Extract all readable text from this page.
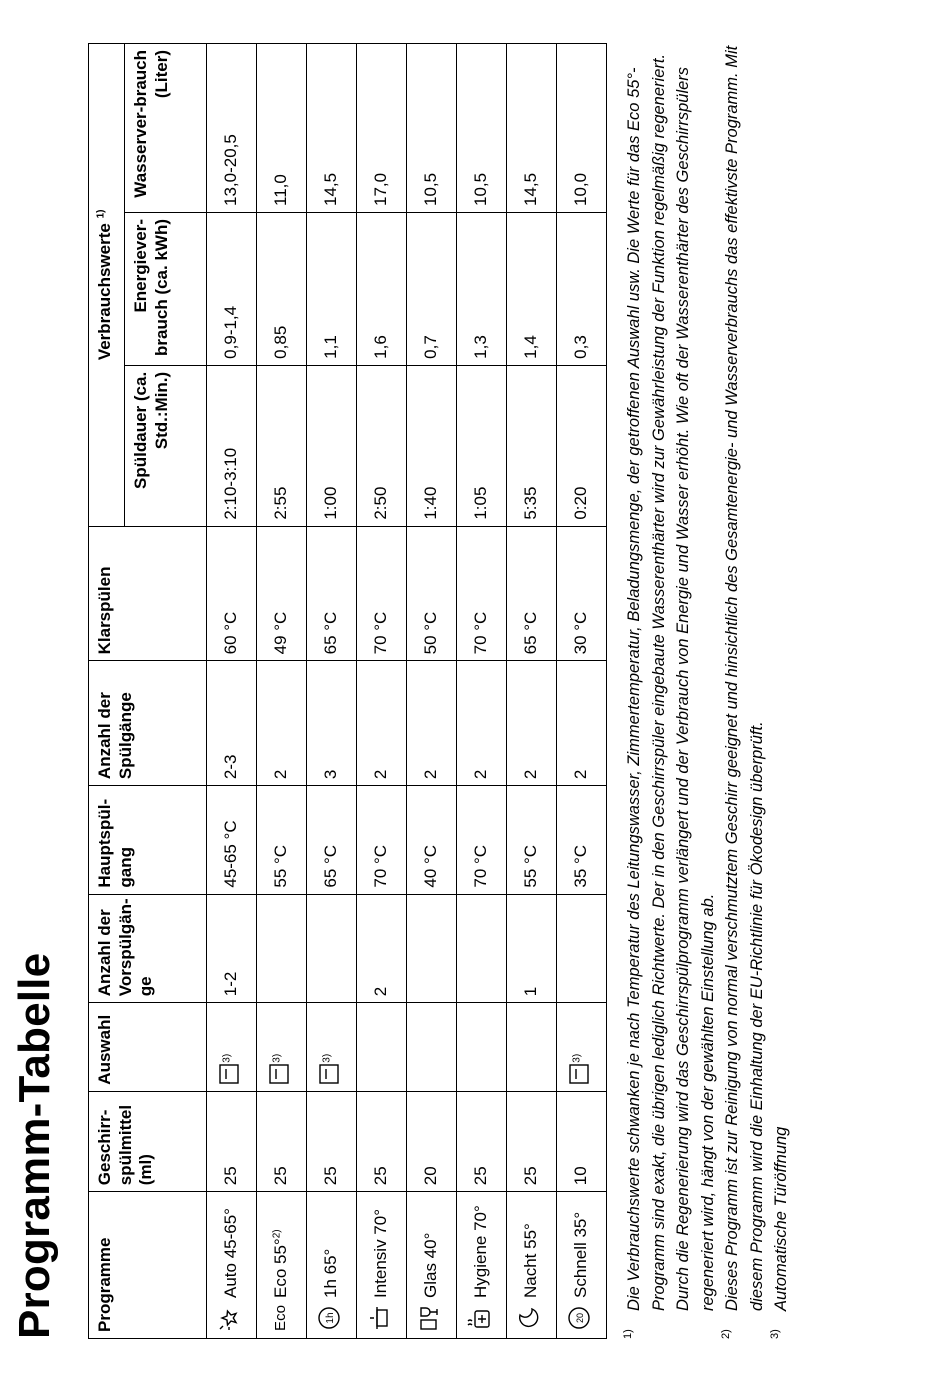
Programm-Tabelle Programme	Geschirr-spülmittel (ml)	Auswahl	Anzahl der Vorspülgän-ge	Hauptspül-gang	Anzahl der Spülgänge	Klarspülen	Verbrauchswerte $^{1)}$
							Spüldauer (ca. Std.:Min.)	Energiever-brauch (ca. kWh)	Wasserver-brauch (Liter)
Auto 45-65°	25	$^{3)}$	1-2	45-65 °C	2-3	60 °C	2:10-3:10	0,9-1,4	13,0-20,5
EcoEco 55°$^{2)}$	25	$^{3)}$		55 °C	2	49 °C	2:55	0,85	11,0

1h
1h 65°	25	$^{3)}$		65 °C	3	65 °C	1:00	1,1	14,5
Intensiv 70°	25		2	70 °C	2	70 °C	2:50	1,6	17,0
Glas 40°	20			40 °C	2	50 °C	1:40	0,7	10,5
Hygiene 70°	25			70 °C	2	70 °C	1:05	1,3	10,5
Nacht 55°	25		1	55 °C	2	65 °C	5:35	1,4	14,5

20
Schnell 35°	10	$^{3)}$		35 °C	2	30 °C	0:20	0,3	10,0
1)
Die Verbrauchswerte schwanken je nach Temperatur des Leitungswasser, Zimmertemperatur, Beladungsmenge, der getroffenen Auswahl usw. Die Werte für das Eco 55°-Programm sind exakt, die übrigen lediglich Richtwerte. Der in den Geschirrspüler eingebaute Wasserenthärter wird zur Gewährleistung der Funktion regelmäßig regeneriert. Durch die Regenerierung wird das Geschirrspülprogramm verlängert und der Verbrauch von Energie und Wasser erhöht. Wie oft der Wasserenthärter des Geschirrspülers regeneriert wird, hängt von der gewählten Einstellung ab.
2)
Dieses Programm ist zur Reinigung von normal verschmutztem Geschirr geeignet und hinsichtlich des Gesamtenergie- und Wasserverbrauchs das effektivste Programm. Mit diesem Programm wird die Einhaltung der EU-Richtlinie für Ökodesign überprüft.
3)
Automatische Türöffnung
